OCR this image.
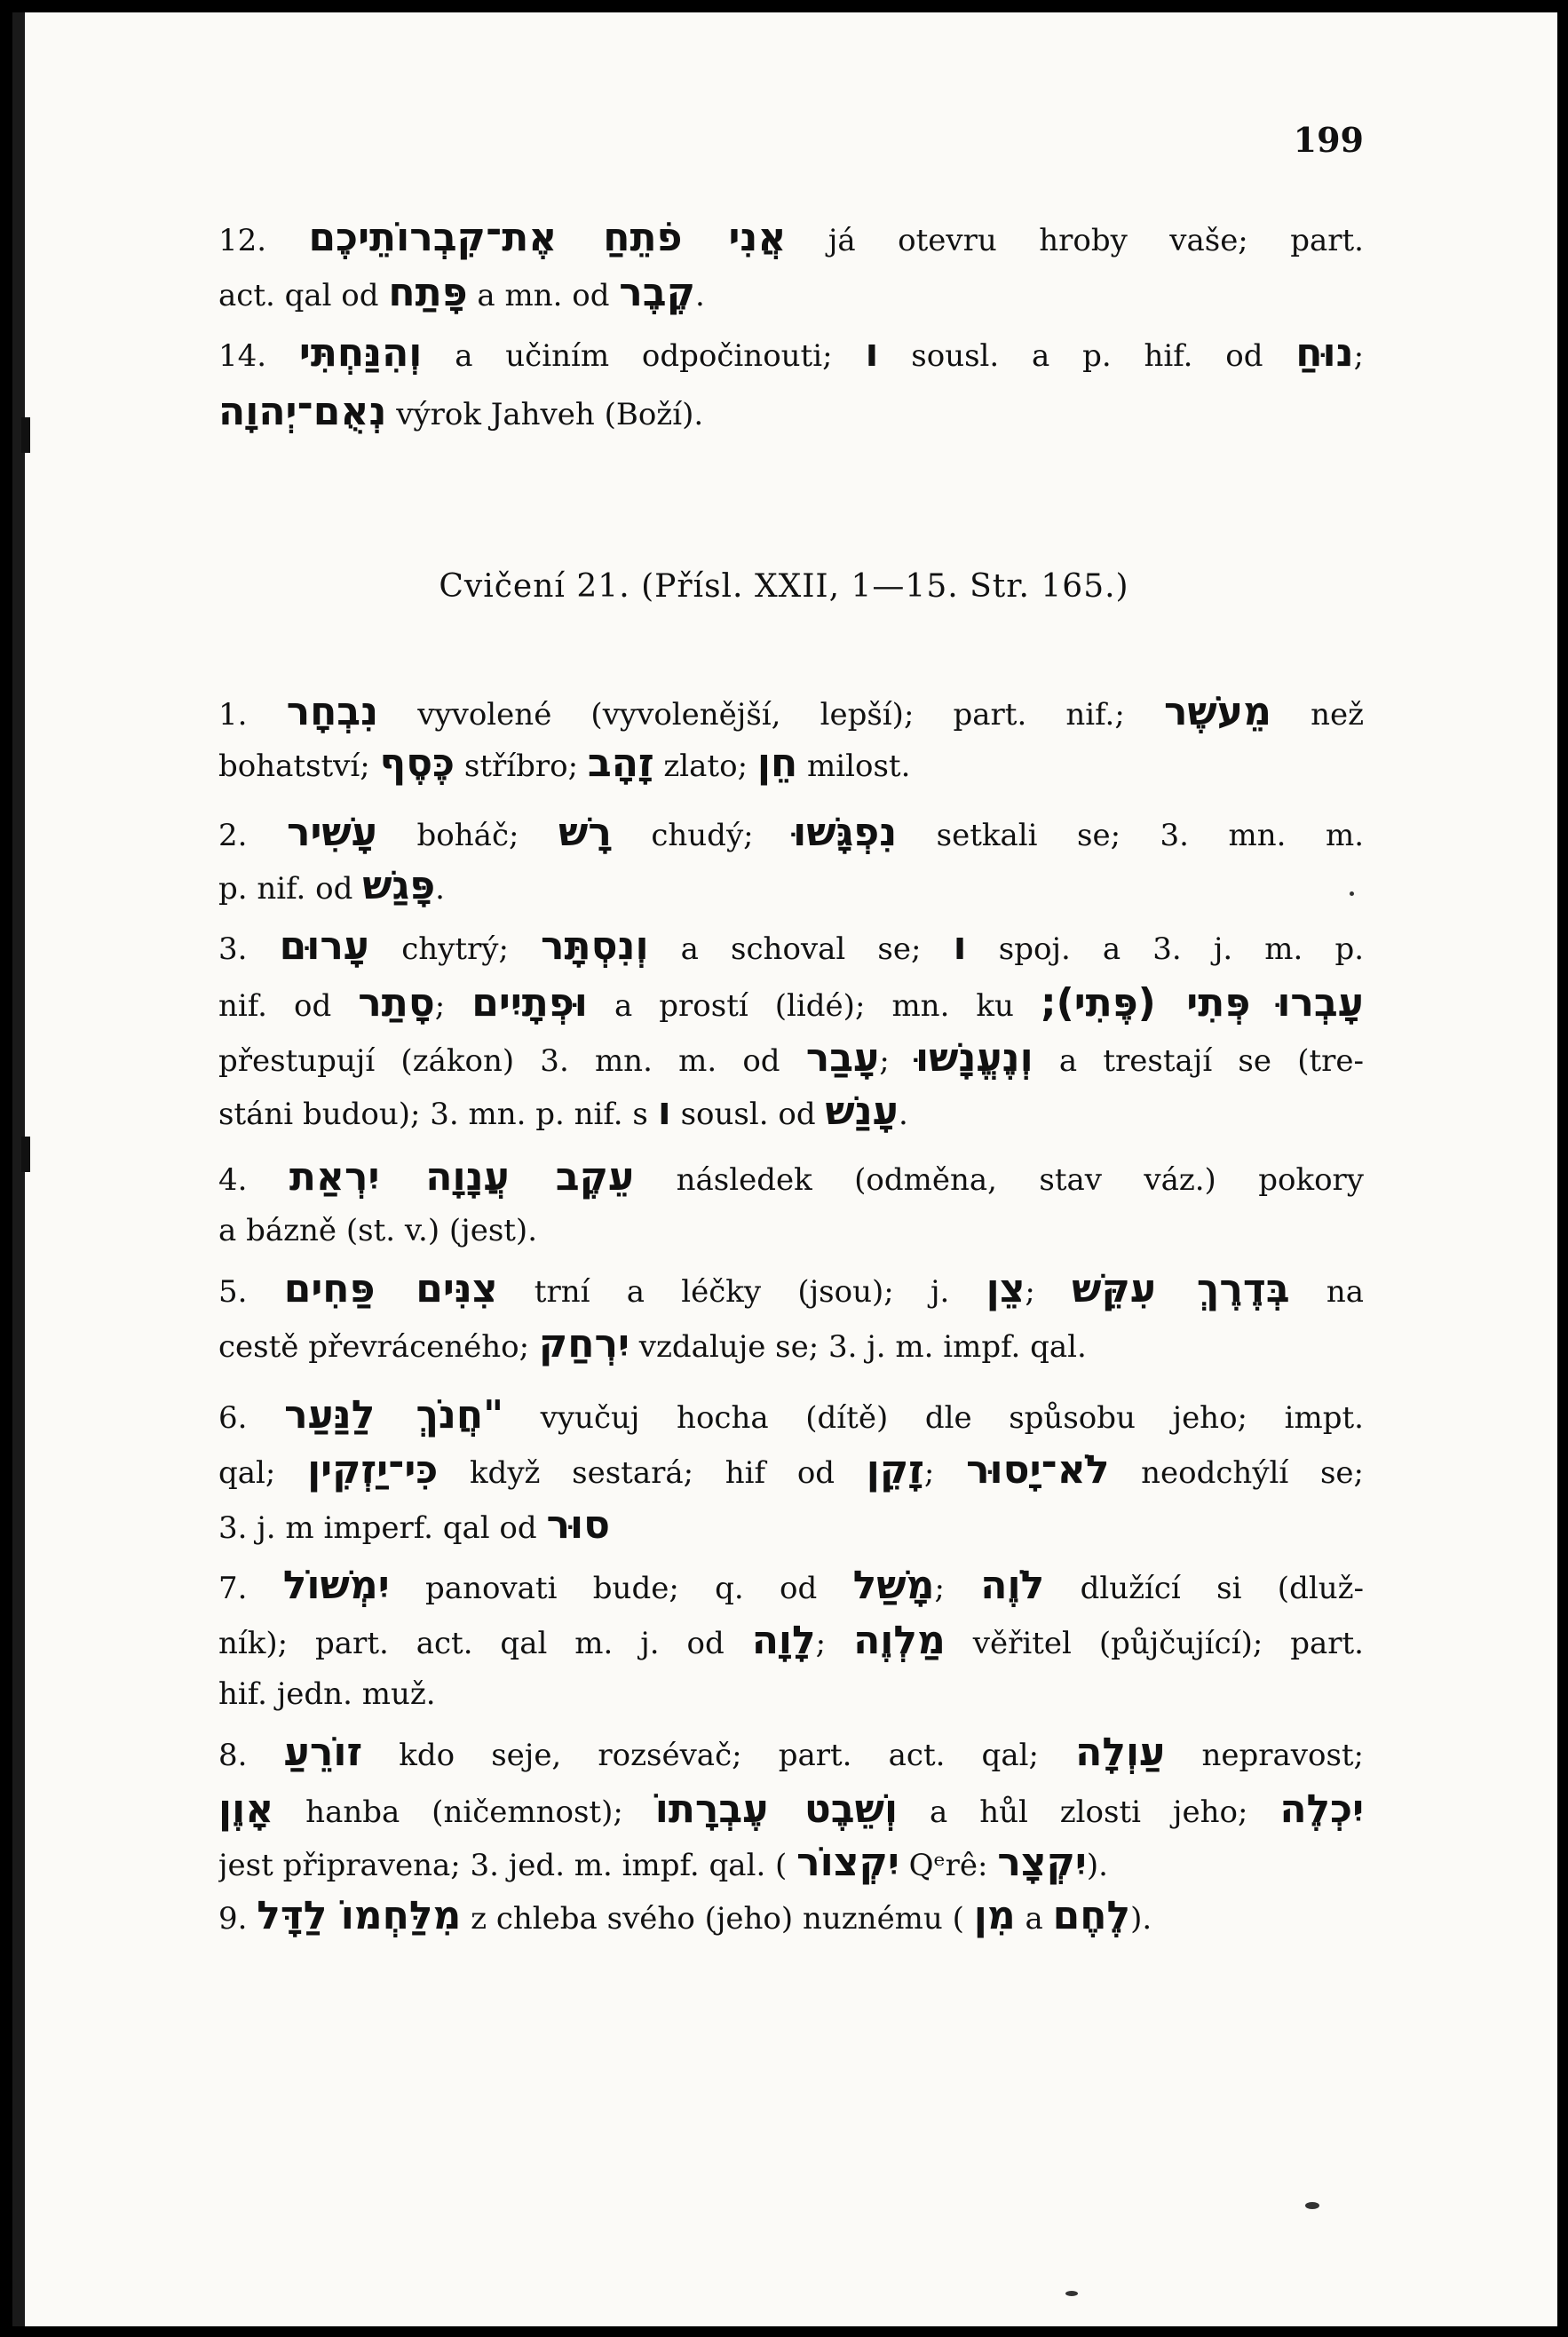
199
12. אֲנִי פֹתֵחַ אֶת־קִבְרוֹתֵיכֶם já otevru hroby vaše; part.
act. qal od פָּתַח a mn. od קֶבֶר.
14. וְהִנַּחְתִּי a učiním odpočinouti; ו sousl. a p. hif. od נוּחַ;
נְאֻם־יְהוָה výrok Jahveh (Boží).
Cvičení 21. (Přísl. XXII, 1—15. Str. 165.)
1. נִבְחָר vyvolené (vyvolenější, lepší); part. nif.; מֵעֹשֶׁר než
bohatství; כֶּסֶף stříbro; זָהָב zlato; חֵן milost.
2. עָשִׁיר boháč; רָשׁ chudý; נִפְגָּשׁוּ setkali se; 3. mn. m.
p. nif. od פָּגַשׁ.
3. עָרוּם chytrý; וְנִסְתָּר a schoval se; ו spoj. a 3. j. m. p.
nif. od סָתַר; וּפְתָיִים a prostí (lidé); mn. ku פְּתִי (פֶּתִי); עָבְרוּ
přestupují (zákon) 3. mn. m. od עָבַר; וְנֶעֱנָשׁוּ a trestají se (tre-
stáni budou); 3. mn. p. nif. s ו sousl. od עָנַשׁ.
4. עֵקֶב עֲנָוָה יִרְאַת následek (odměna, stav váz.) pokory
a bázně (st. v.) (jest).
5. צִנִּים פַּחִים trní a léčky (jsou); j. צֵן; בְּדֶרֶךְ עִקֵּשׁ na
cestě převráceného; יִרְחַק vzdaluje se; 3. j. m. impf. qal.
6. "חֲנֹךְ לַנַּעַר vyučuj hocha (dítě) dle spůsobu jeho; impt.
qal; כִּי־יַזְקִין když sestará; hif od זָקֵן; לֹא־יָסוּר neodchýlí se;
3. j. m imperf. qal od סוּר
7. יִמְשׁוֹל panovati bude; q. od מָשַׁל; לֹוֶה dlužící si (dluž-
ník); part. act. qal m. j. od לָוָה; מַלְוֶה věřitel (půjčující); part.
hif. jedn. muž.
8. זוֹרֵעַ kdo seje, rozsévač; part. act. qal; עַוְלָה nepravost;
אָוֶן hanba (ničemnost); וְשֵׁבֶט עֶבְרָתוֹ a hůl zlosti jeho; יִכְלֶה
jest připravena; 3. jed. m. impf. qal. ( יִקְצוֹר Qᵉrê: יִקְצָר).
9. מִלַּחְמוֹ לַדָּל z chleba svého (jeho) nuznému ( מִן a לֶחֶם).
